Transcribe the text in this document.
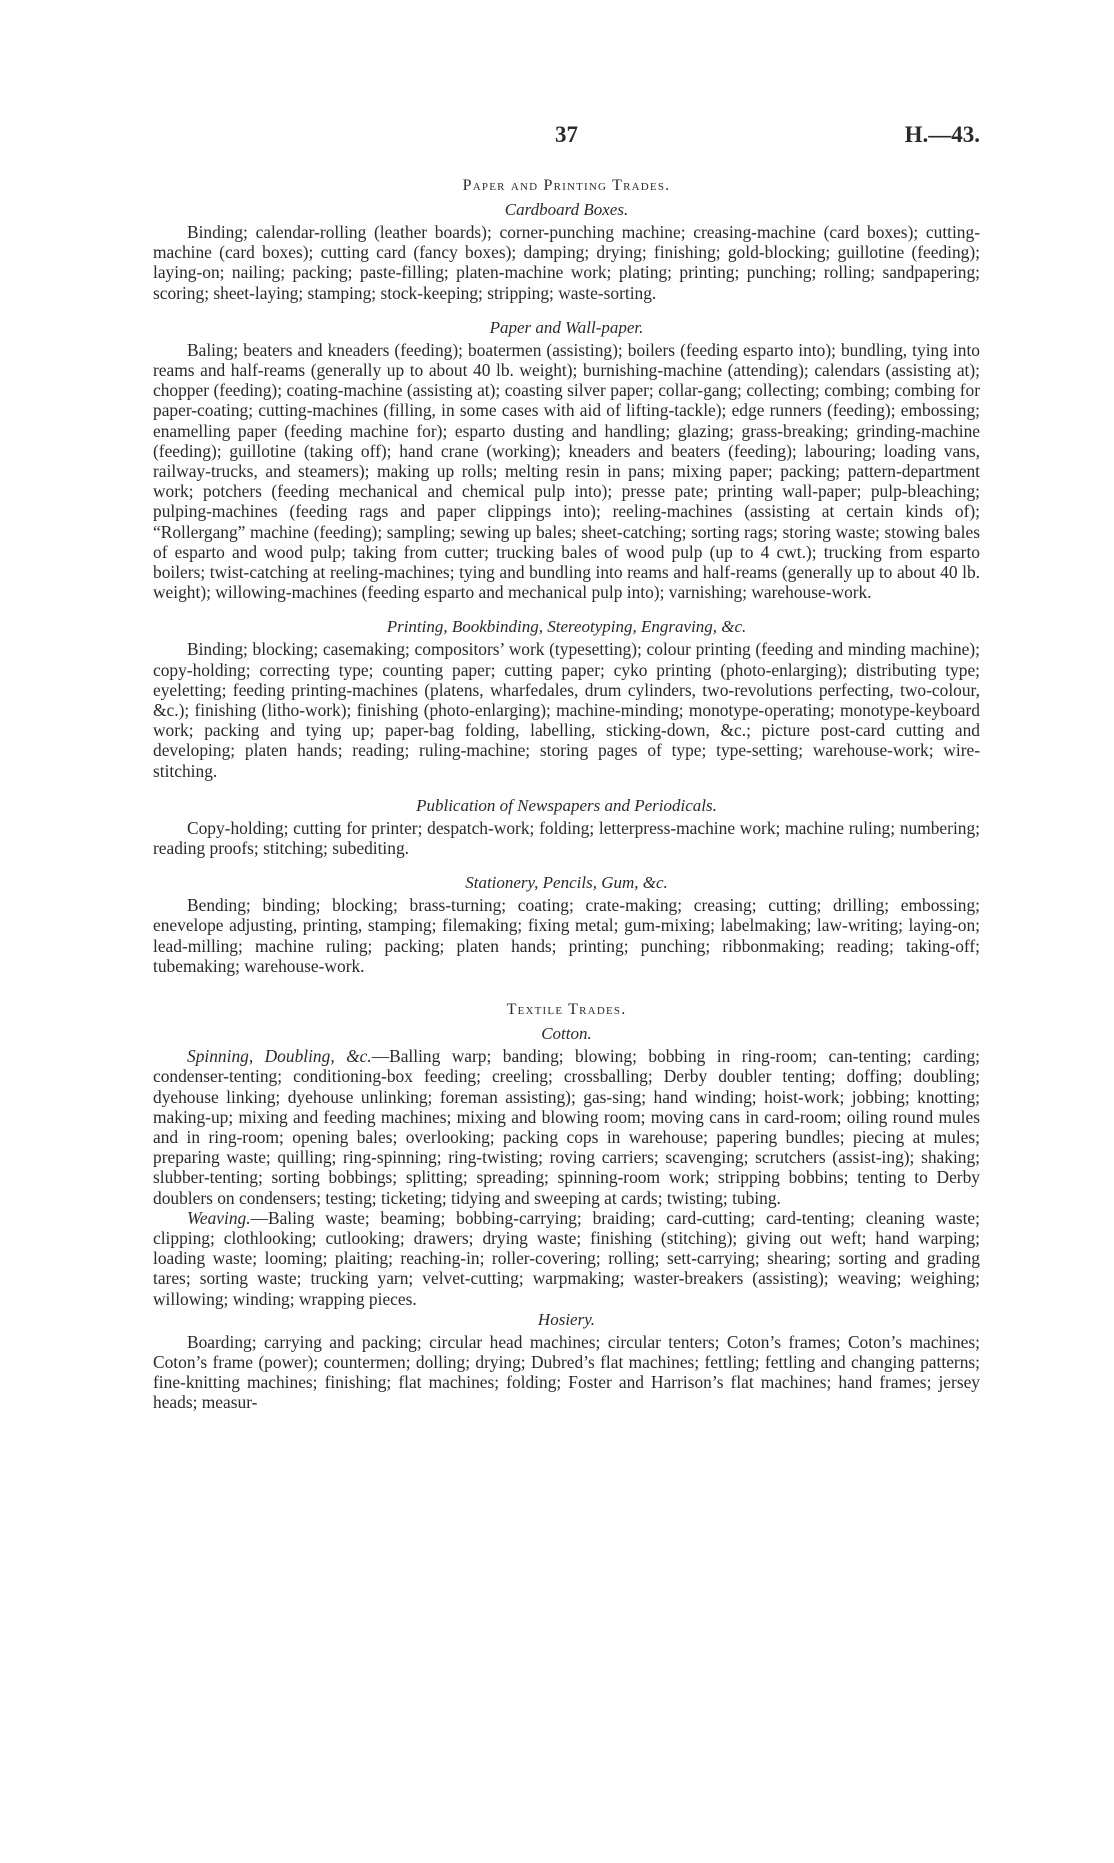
37	H.—43.
Paper and Printing Trades.
Cardboard Boxes.

Binding; calendar-rolling (leather boards); corner-punching machine; creasing-machine (card boxes); cutting-machine (card boxes); cutting card (fancy boxes); damping; drying; finishing; gold-blocking; guillotine (feeding); laying-on; nailing; packing; paste-filling; platen-machine work; plating; printing; punching; rolling; sandpapering; scoring; sheet-laying; stamping; stock-keeping; stripping; waste-sorting.

Paper and Wall-paper.

Baling; beaters and kneaders (feeding); boatermen (assisting); boilers (feeding esparto into); bundling, tying into reams and half-reams (generally up to about 40 lb. weight); burnishing-machine (attending); calendars (assisting at); chopper (feeding); coating-machine (assisting at); coasting silver paper; collar-gang; collecting; combing; combing for paper-coating; cutting-machines (filling, in some cases with aid of lifting-tackle); edge runners (feeding); embossing; enamelling paper (feeding machine for); esparto dusting and handling; glazing; grass-breaking; grinding-machine (feeding); guillotine (taking off); hand crane (working); kneaders and beaters (feeding); labouring; loading vans, railway-trucks, and steamers); making up rolls; melting resin in pans; mixing paper; packing; pattern-department work; potchers (feeding mechanical and chemical pulp into); presse pate; printing wall-paper; pulp-bleaching; pulping-machines (feeding rags and paper clippings into); reeling-machines (assisting at certain kinds of); “Rollergang” machine (feeding); sampling; sewing up bales; sheet-catching; sorting rags; storing waste; stowing bales of esparto and wood pulp; taking from cutter; trucking bales of wood pulp (up to 4 cwt.); trucking from esparto boilers; twist-catching at reeling-machines; tying and bundling into reams and half-reams (generally up to about 40 lb. weight); willowing-machines (feeding esparto and mechanical pulp into); varnishing; warehouse-work.

Printing, Bookbinding, Stereotyping, Engraving, &c.

Binding; blocking; casemaking; compositors’ work (typesetting); colour printing (feeding and minding machine); copy-holding; correcting type; counting paper; cutting paper; cyko printing (photo-enlarging); distributing type; eyeletting; feeding printing-machines (platens, wharfedales, drum cylinders, two-revolutions perfecting, two-colour, &c.); finishing (litho-work); finishing (photo-enlarging); machine-minding; monotype-operating; monotype-keyboard work; packing and tying up; paper-bag folding, labelling, sticking-down, &c.; picture post-card cutting and developing; platen hands; reading; ruling-machine; storing pages of type; type-setting; warehouse-work; wire-stitching.

Publication of Newspapers and Periodicals.

Copy-holding; cutting for printer; despatch-work; folding; letterpress-machine work; machine ruling; numbering; reading proofs; stitching; subediting.

Stationery, Pencils, Gum, &c.

Bending; binding; blocking; brass-turning; coating; crate-making; creasing; cutting; drilling; embossing; enevelope adjusting, printing, stamping; filemaking; fixing metal; gum-mixing; labelmaking; law-writing; laying-on; lead-milling; machine ruling; packing; platen hands; printing; punching; ribbonmaking; reading; taking-off; tubemaking; warehouse-work.

Textile Trades.
Cotton.

Spinning, Doubling, &c.—Balling warp; banding; blowing; bobbing in ring-room; can-tenting; carding; condenser-tenting; conditioning-box feeding; creeling; crossballing; Derby doubler tenting; doffing; doubling; dyehouse linking; dyehouse unlinking; foreman assisting); gas-sing; hand winding; hoist-work; jobbing; knotting; making-up; mixing and feeding machines; mixing and blowing room; moving cans in card-room; oiling round mules and in ring-room; opening bales; overlooking; packing cops in warehouse; papering bundles; piecing at mules; preparing waste; quilling; ring-spinning; ring-twisting; roving carriers; scavenging; scrutchers (assist-ing); shaking; slubber-tenting; sorting bobbings; splitting; spreading; spinning-room work; stripping bobbins; tenting to Derby doublers on condensers; testing; ticketing; tidying and sweeping at cards; twisting; tubing.

Weaving.—Baling waste; beaming; bobbing-carrying; braiding; card-cutting; card-tenting; cleaning waste; clipping; clothlooking; cutlooking; drawers; drying waste; finishing (stitching); giving out weft; hand warping; loading waste; looming; plaiting; reaching-in; roller-covering; rolling; sett-carrying; shearing; sorting and grading tares; sorting waste; trucking yarn; velvet-cutting; warpmaking; waster-breakers (assisting); weaving; weighing; willowing; winding; wrapping pieces.

Hosiery.

Boarding; carrying and packing; circular head machines; circular tenters; Coton’s frames; Coton’s machines; Coton’s frame (power); countermen; dolling; drying; Dubred’s flat machines; fettling; fettling and changing patterns; fine-knitting machines; finishing; flat machines; folding; Foster and Harrison’s flat machines; hand frames; jersey heads; measur-
